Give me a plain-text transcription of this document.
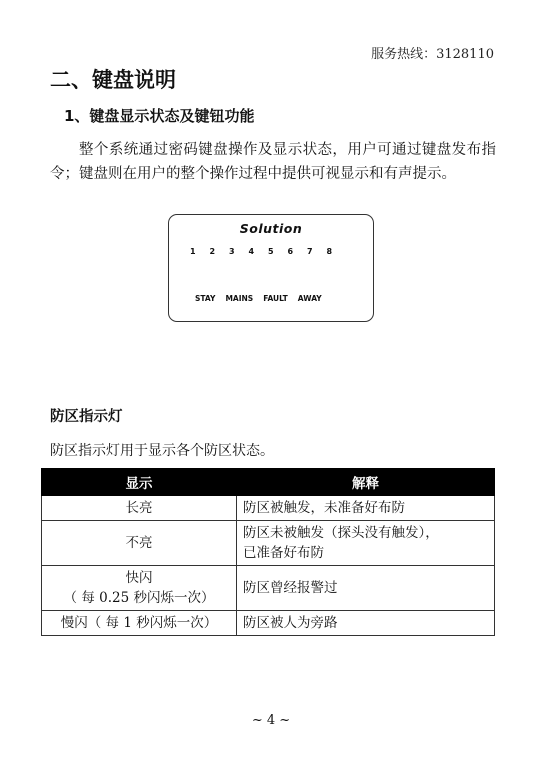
服务热线：3128110
二、键盘说明
1、键盘显示状态及键钮功能
整个系统通过密码键盘操作及显示状态，用户可通过键盘发布指令；键盘则在用户的整个操作过程中提供可视显示和有声提示。
Solution
1	2	3	4	5	6	7	8
STAY MAINS FAULT AWAY
防区指示灯
防区指示灯用于显示各个防区状态。
显示	解释

长亮	防区被触发，未准备好布防

不亮	防区未被触发（探头没有触发），
已准备好布防

快闪
（ 每 0.25 秒闪烁一次）	防区曾经报警过

慢闪（ 每 1 秒闪烁一次）	防区被人为旁路
~ 4 ~
